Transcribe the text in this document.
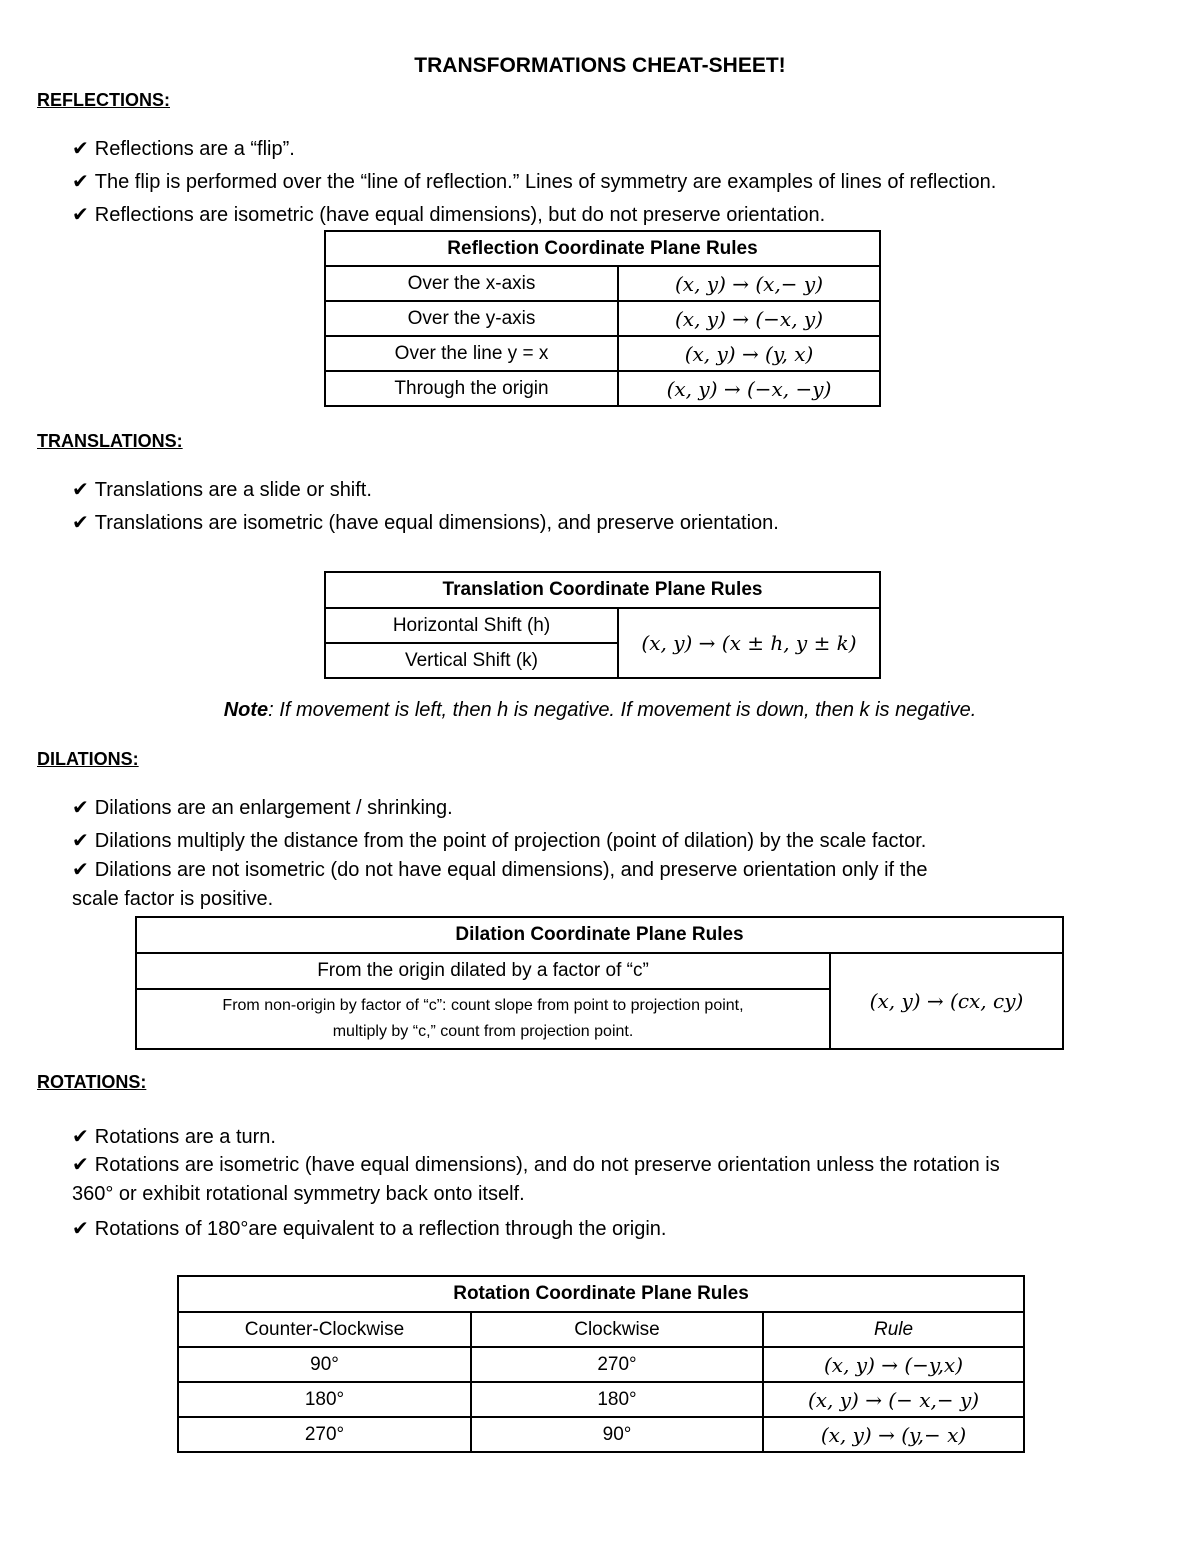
TRANSFORMATIONS CHEAT-SHEET!
REFLECTIONS:
✔ Reflections are a “flip”.
✔ The flip is performed over the “line of reflection.” Lines of symmetry are examples of lines of reflection.
✔ Reflections are isometric (have equal dimensions), but do not preserve orientation.
Reflection Coordinate Plane Rules	
Over the x-axis	(x, y) → (x,− y)
Over the y-axis	(x, y) → (−x, y)
Over the line y = x	(x, y) → (y, x)
Through the origin	(x, y) → (−x, −y)
TRANSLATIONS:
✔ Translations are a slide or shift.
✔ Translations are isometric (have equal dimensions), and preserve orientation.
Translation Coordinate Plane Rules
Horizontal Shift (h)	(x, y) → (x ± h, y ± k)
Vertical Shift (k)
Note: If movement is left, then h is negative. If movement is down, then k is negative.
DILATIONS:
✔ Dilations are an enlargement / shrinking.
✔ Dilations multiply the distance from the point of projection (point of dilation) by the scale factor.
✔ Dilations are not isometric (do not have equal dimensions), and preserve orientation only if the
scale factor is positive.
Dilation Coordinate Plane Rules
From the origin dilated by a factor of “c”	(x, y) → (cx, cy)

From non-origin by factor of “c”: count slope from point to projection point,
multiply by “c,” count from projection point.
ROTATIONS:
✔ Rotations are a turn.
✔ Rotations are isometric (have equal dimensions), and do not preserve orientation unless the rotation is
360° or exhibit rotational symmetry back onto itself.
✔ Rotations of 180°are equivalent to a reflection through the origin.
Rotation Coordinate Plane Rules		
Counter-Clockwise	Clockwise	Rule
90°	270°	(x, y) → (−y,x)
180°	180°	(x, y) → (− x,− y)
270°	90°	(x, y) → (y,− x)
